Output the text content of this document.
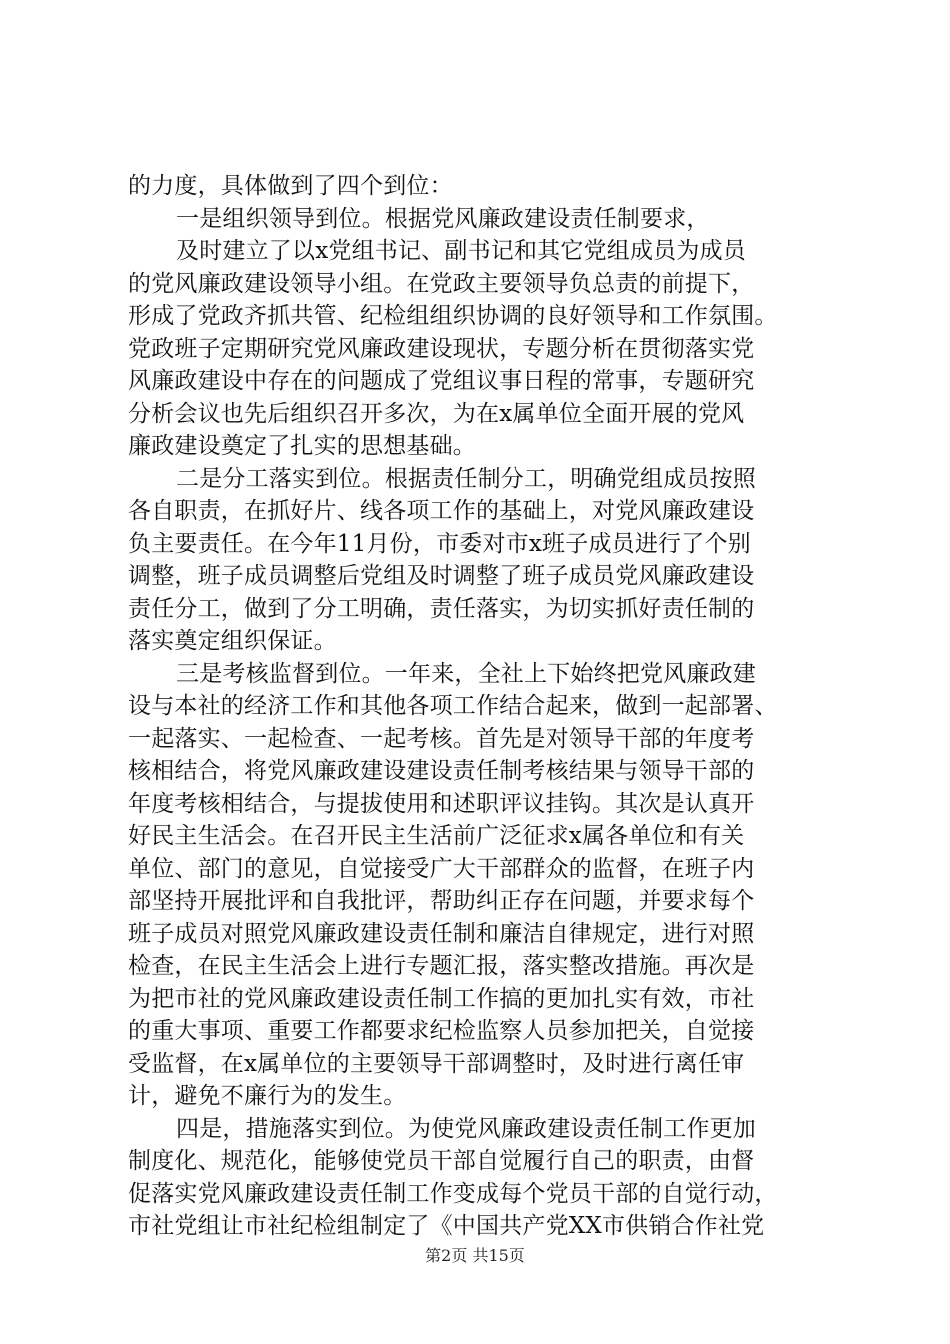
的力度，具体做到了四个到位：
一是组织领导到位。根据党风廉政建设责任制要求，
及时建立了以x党组书记、副书记和其它党组成员为成员
的党风廉政建设领导小组。在党政主要领导负总责的前提下，
形成了党政齐抓共管、纪检组组织协调的良好领导和工作氛围。
党政班子定期研究党风廉政建设现状，专题分析在贯彻落实党
风廉政建设中存在的问题成了党组议事日程的常事，专题研究
分析会议也先后组织召开多次，为在x属单位全面开展的党风
廉政建设奠定了扎实的思想基础。
二是分工落实到位。根据责任制分工，明确党组成员按照
各自职责，在抓好片、线各项工作的基础上，对党风廉政建设
负主要责任。在今年11月份，市委对市x班子成员进行了个别
调整，班子成员调整后党组及时调整了班子成员党风廉政建设
责任分工，做到了分工明确，责任落实，为切实抓好责任制的
落实奠定组织保证。
三是考核监督到位。一年来，全社上下始终把党风廉政建
设与本社的经济工作和其他各项工作结合起来，做到一起部署、
一起落实、一起检查、一起考核。首先是对领导干部的年度考
核相结合，将党风廉政建设建设责任制考核结果与领导干部的
年度考核相结合，与提拔使用和述职评议挂钩。其次是认真开
好民主生活会。在召开民主生活前广泛征求x属各单位和有关
单位、部门的意见，自觉接受广大干部群众的监督，在班子内
部坚持开展批评和自我批评，帮助纠正存在问题，并要求每个
班子成员对照党风廉政建设责任制和廉洁自律规定，进行对照
检查，在民主生活会上进行专题汇报，落实整改措施。再次是
为把市社的党风廉政建设责任制工作搞的更加扎实有效，市社
的重大事项、重要工作都要求纪检监察人员参加把关，自觉接
受监督，在x属单位的主要领导干部调整时，及时进行离任审
计，避免不廉行为的发生。
四是，措施落实到位。为使党风廉政建设责任制工作更加
制度化、规范化，能够使党员干部自觉履行自己的职责，由督
促落实党风廉政建设责任制工作变成每个党员干部的自觉行动，
市社党组让市社纪检组制定了《中国共产党XX市供销合作社党
第2页 共15页
